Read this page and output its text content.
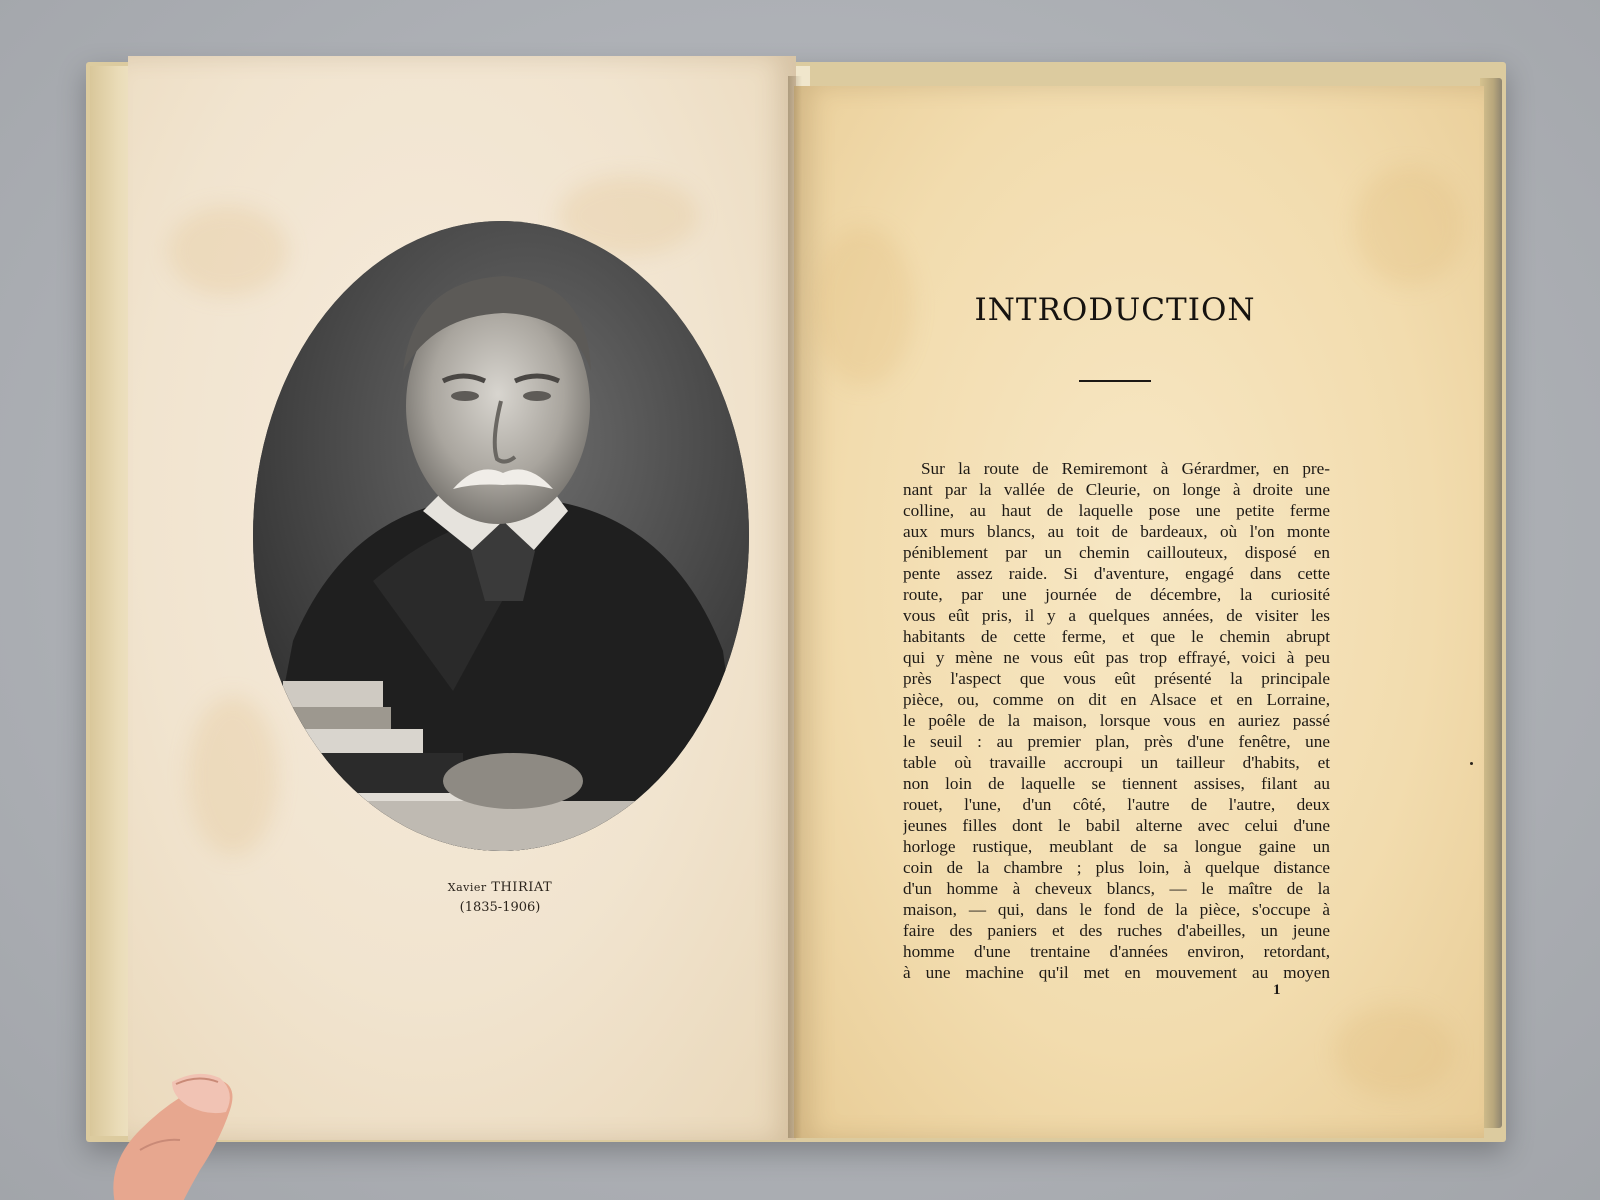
Xavier THIRIAT
(1835-1906)
INTRODUCTION
Sur la route de Remiremont à Gérardmer, en pre-
nant par la vallée de Cleurie, on longe à droite une
colline, au haut de laquelle pose une petite ferme
aux murs blancs, au toit de bardeaux, où l'on monte
péniblement par un chemin caillouteux, disposé en
pente assez raide. Si d'aventure, engagé dans cette
route, par une journée de décembre, la curiosité
vous eût pris, il y a quelques années, de visiter les
habitants de cette ferme, et que le chemin abrupt
qui y mène ne vous eût pas trop effrayé, voici à peu
près l'aspect que vous eût présenté la principale
pièce, ou, comme on dit en Alsace et en Lorraine,
le poêle de la maison, lorsque vous en auriez passé
le seuil : au premier plan, près d'une fenêtre, une
table où travaille accroupi un tailleur d'habits, et
non loin de laquelle se tiennent assises, filant au
rouet, l'une, d'un côté, l'autre de l'autre, deux
jeunes filles dont le babil alterne avec celui d'une
horloge rustique, meublant de sa longue gaine un
coin de la chambre ; plus loin, à quelque distance
d'un homme à cheveux blancs, — le maître de la
maison, — qui, dans le fond de la pièce, s'occupe à
faire des paniers et des ruches d'abeilles, un jeune
homme d'une trentaine d'années environ, retordant,
à une machine qu'il met en mouvement au moyen
1
